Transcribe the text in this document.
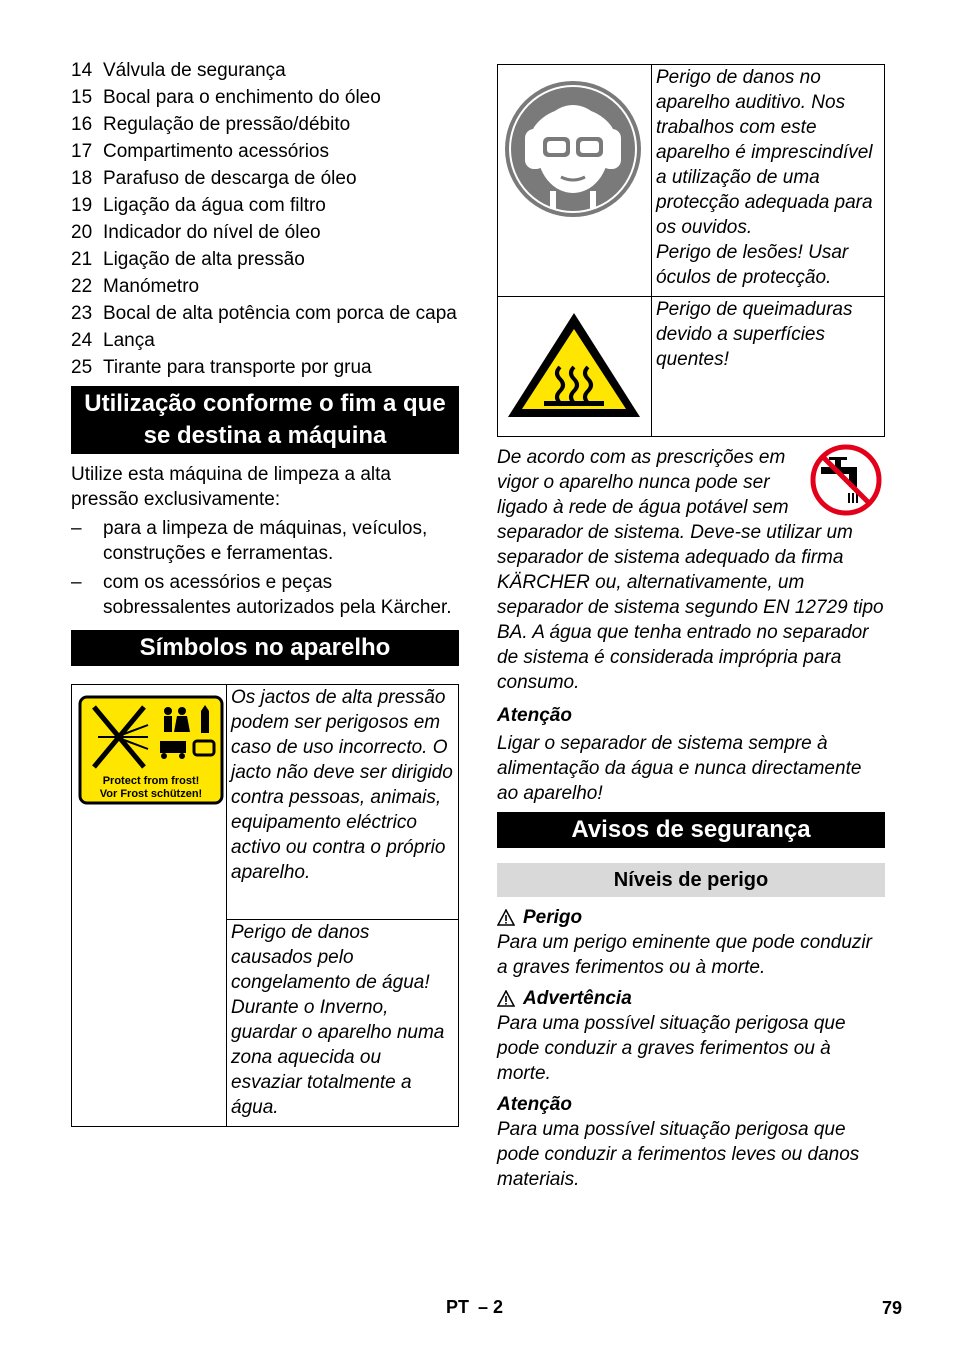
14 Válvula de segurança
15 Bocal para o enchimento do óleo
16 Regulação de pressão/débito
17 Compartimento acessórios
18 Parafuso de descarga de óleo
19 Ligação da água com filtro
20 Indicador do nível de óleo
21 Ligação de alta pressão
22 Manómetro
23 Bocal de alta potência com porca de capa
24 Lança
25 Tirante para transporte por grua
Utilização conforme o fim a que se destina a máquina

Utilize esta máquina de limpeza a alta pressão exclusivamente:

–	para a limpeza de máquinas, veículos, construções e ferramentas.
–	com os acessórios e peças sobressalentes autorizados pela Kärcher.
Símbolos no aparelho
Protect from frost!
Vor Frost schützen!
	Os jactos de alta pressão podem ser perigosos em caso de uso incorrecto. O jacto não deve ser dirigido contra pessoas, animais, equipamento eléctrico activo ou contra o próprio aparelho.
Perigo de danos causados pelo congelamento de água! Durante o Inverno, guardar o aparelho numa zona aquecida ou esvaziar totalmente a água.

Perigo de danos no aparelho auditivo. Nos trabalhos com este aparelho é imprescindível a utilização de uma protecção adequada para os ouvidos.
Perigo de lesões! Usar óculos de protecção.

	Perigo de queimaduras devido a superfícies quentes!

De acordo com as prescrições em vigor o aparelho nunca pode ser ligado à rede de água potável sem separador de sistema. Deve-se utilizar um separador de sistema adequado da firma KÄRCHER ou, alternativamente, um separador de sistema segundo EN 12729 tipo BA. A água que tenha entrado no separador de sistema é considerada imprópria para consumo.

Atenção

Ligar o separador de sistema sempre à alimentação da água e nunca directamente ao aparelho!

Avisos de segurança
Níveis de perigo
Perigo

Para um perigo eminente que pode conduzir a graves ferimentos ou à morte.

Advertência

Para uma possível situação perigosa que pode conduzir a graves ferimentos ou à morte.

Atenção

Para uma possível situação perigosa que pode conduzir a ferimentos leves ou danos materiais.

PT – 2	79
